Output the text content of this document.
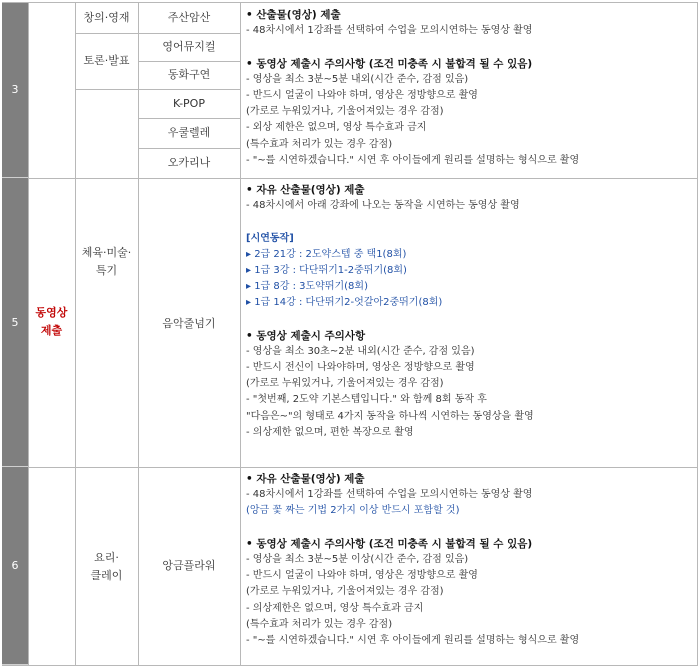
3
5
6
동영상
제출
창의·영재
토론·발표
주산암산
영어뮤지컬
동화구연
K-POP
우쿨렐레
오카리나
체육·미술·
특기
음악줄넘기
요리·
클레이
앙금플라워
• 산출물(영상) 제출
- 48차시에서 1강좌를 선택하여 수업을 모의시연하는 동영상 촬영
• 동영상 제출시 주의사항 (조건 미충족 시 불합격 될 수 있음)
- 영상을 최소 3분~5분 내외(시간 준수, 감점 있음)
- 반드시 얼굴이 나와야 하며, 영상은 정방향으로 촬영
(가로로 누워있거나, 기울어져있는 경우 감점)
- 외상 제한은 없으며, 영상 특수효과 금지
(특수효과 처리가 있는 경우 감점)
- "~를 시연하겠습니다." 시연 후 아이들에게 원리를 설명하는 형식으로 촬영
• 자유 산출물(영상) 제출
- 48차시에서 아래 강좌에 나오는 동작을 시연하는 동영상 촬영
[시연동작]
▸ 2급 21강 : 2도약스텝 중 택1(8회)
▸ 1급 3강 : 다단뛰기1-2중뛰기(8회)
▸ 1급 8강 : 3도약뛰기(8회)
▸ 1급 14강 : 다단뛰기2-엇갈아2중뛰기(8회)
• 동영상 제출시 주의사항
- 영상을 최소 30초~2분 내외(시간 준수, 감점 있음)
- 반드시 전신이 나와야하며, 영상은 정방향으로 촬영
(가로로 누워있거나, 기울어져있는 경우 감점)
- "첫번째, 2도약 기본스텝입니다." 와 함께 8회 동작 후
"다음은~"의 형태로 4가지 동작을 하나씩 시연하는 동영상을 촬영
- 의상제한 없으며, 편한 복장으로 촬영
• 자유 산출물(영상) 제출
- 48차시에서 1강좌를 선택하여 수업을 모의시연하는 동영상 촬영
(앙금 꽃 짜는 기법 2가지 이상 반드시 포함할 것)
• 동영상 제출시 주의사항 (조건 미충족 시 불합격 될 수 있음)
- 영상을 최소 3분~5분 이상(시간 준수, 감점 있음)
- 반드시 얼굴이 나와야 하며, 영상은 정방향으로 촬영
(가로로 누워있거나, 기울어져있는 경우 감점)
- 의상제한은 없으며, 영상 특수효과 금지
(특수효과 처리가 있는 경우 감점)
- "~를 시연하겠습니다." 시연 후 아이들에게 원리를 설명하는 형식으로 촬영
